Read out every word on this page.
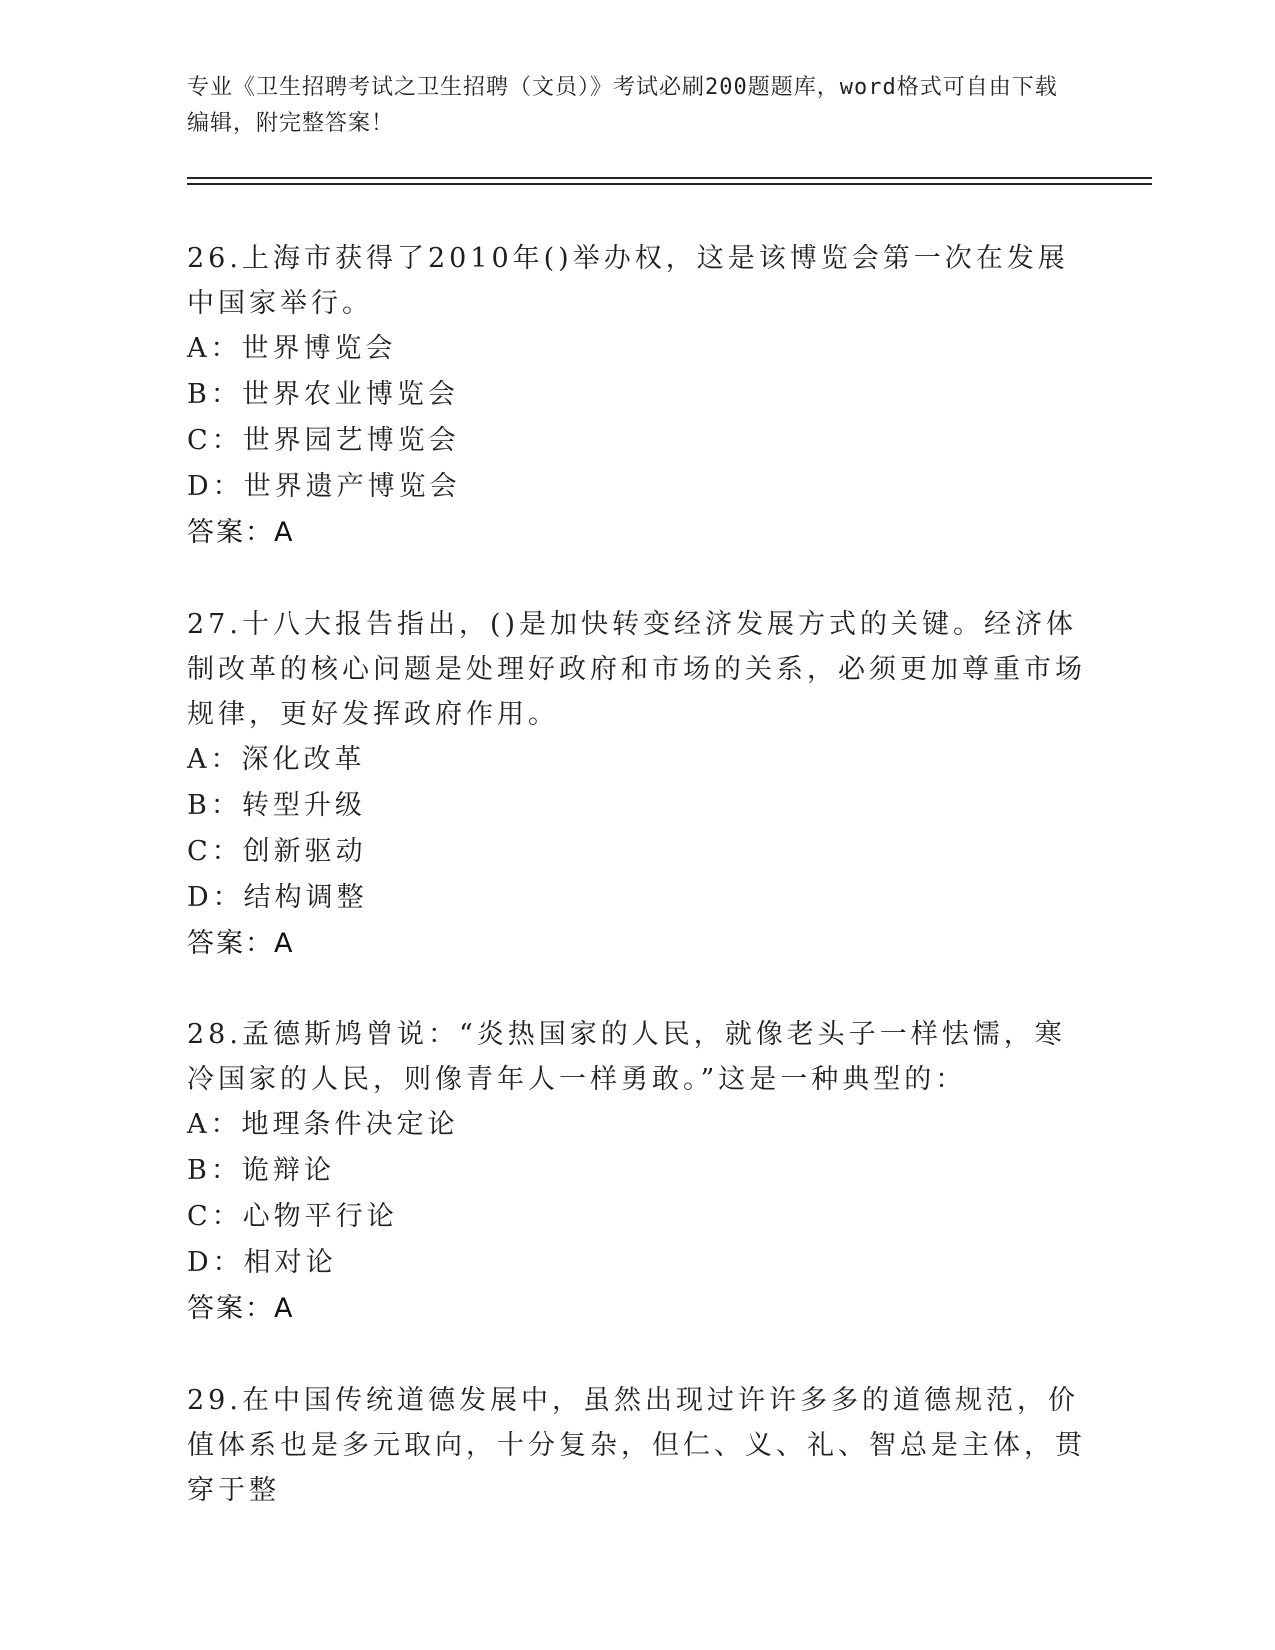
专业《卫生招聘考试之卫生招聘（文员）》考试必刷200题题库，word格式可自由下载编辑，附完整答案！

26.上海市获得了2010年()举办权，这是该博览会第一次在发展中国家举行。

A：世界博览会

B：世界农业博览会

C：世界园艺博览会

D：世界遗产博览会

答案：A

27.十八大报告指出，()是加快转变经济发展方式的关键。经济体制改革的核心问题是处理好政府和市场的关系，必须更加尊重市场规律，更好发挥政府作用。

A：深化改革

B：转型升级

C：创新驱动

D：结构调整

答案：A

28.孟德斯鸠曾说：“炎热国家的人民，就像老头子一样怯懦，寒冷国家的人民，则像青年人一样勇敢。”这是一种典型的：

A：地理条件决定论

B：诡辩论

C：心物平行论

D：相对论

答案：A

29.在中国传统道德发展中，虽然出现过许许多多的道德规范，价值体系也是多元取向，十分复杂，但仁、义、礼、智总是主体，贯穿于整
